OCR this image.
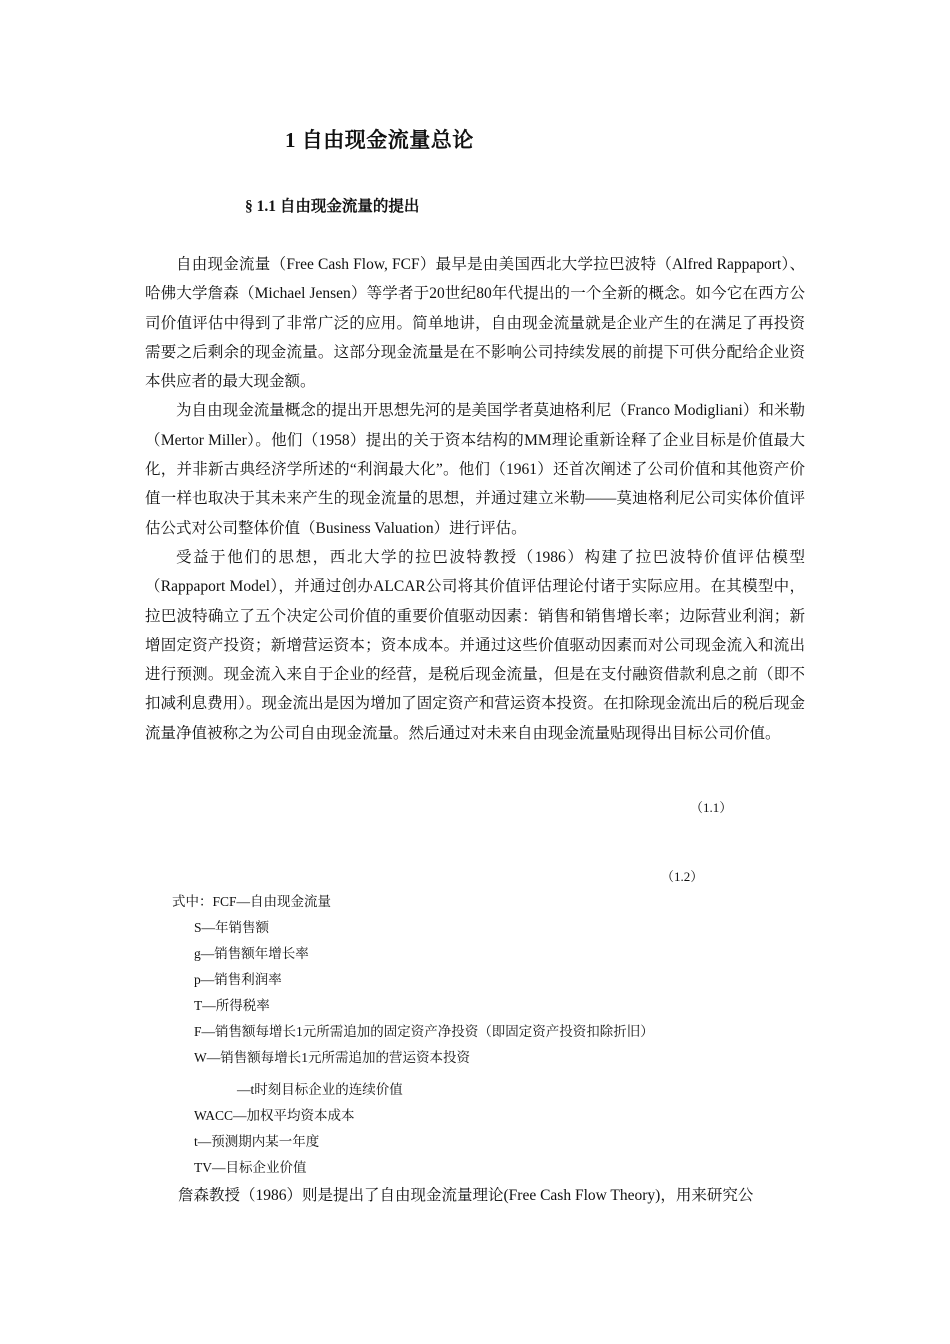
1 自由现金流量总论
§ 1.1 自由现金流量的提出

自由现金流量（Free Cash Flow, FCF）最早是由美国西北大学拉巴波特（Alfred Rappaport）、哈佛大学詹森（Michael Jensen）等学者于20世纪80年代提出的一个全新的概念。如今它在西方公司价值评估中得到了非常广泛的应用。简单地讲，自由现金流量就是企业产生的在满足了再投资需要之后剩余的现金流量。这部分现金流量是在不影响公司持续发展的前提下可供分配给企业资本供应者的最大现金额。

为自由现金流量概念的提出开思想先河的是美国学者莫迪格利尼（Franco Modigliani）和米勒（Mertor Miller）。他们（1958）提出的关于资本结构的MM理论重新诠释了企业目标是价值最大化，并非新古典经济学所述的“利润最大化”。他们（1961）还首次阐述了公司价值和其他资产价值一样也取决于其未来产生的现金流量的思想，并通过建立米勒——莫迪格利尼公司实体价值评估公式对公司整体价值（Business Valuation）进行评估。

受益于他们的思想，西北大学的拉巴波特教授（1986）构建了拉巴波特价值评估模型（Rappaport Model），并通过创办ALCAR公司将其价值评估理论付诸于实际应用。在其模型中，拉巴波特确立了五个决定公司价值的重要价值驱动因素：销售和销售增长率；边际营业利润；新增固定资产投资；新增营运资本；资本成本。并通过这些价值驱动因素而对公司现金流入和流出进行预测。现金流入来自于企业的经营，是税后现金流量，但是在支付融资借款利息之前（即不扣减利息费用）。现金流出是因为增加了固定资产和营运资本投资。在扣除现金流出后的税后现金流量净值被称之为公司自由现金流量。然后通过对未来自由现金流量贴现得出目标公司价值。

（1.1）
（1.2）
式中：FCF—自由现金流量
S—年销售额
g—销售额年增长率
p—销售利润率
T—所得税率
F—销售额每增长1元所需追加的固定资产净投资（即固定资产投资扣除折旧）
W—销售额每增长1元所需追加的营运资本投资
—t时刻目标企业的连续价值
WACC—加权平均资本成本
t—预测期内某一年度
TV—目标企业价值
詹森教授（1986）则是提出了自由现金流量理论(Free Cash Flow Theory)，用来研究公
